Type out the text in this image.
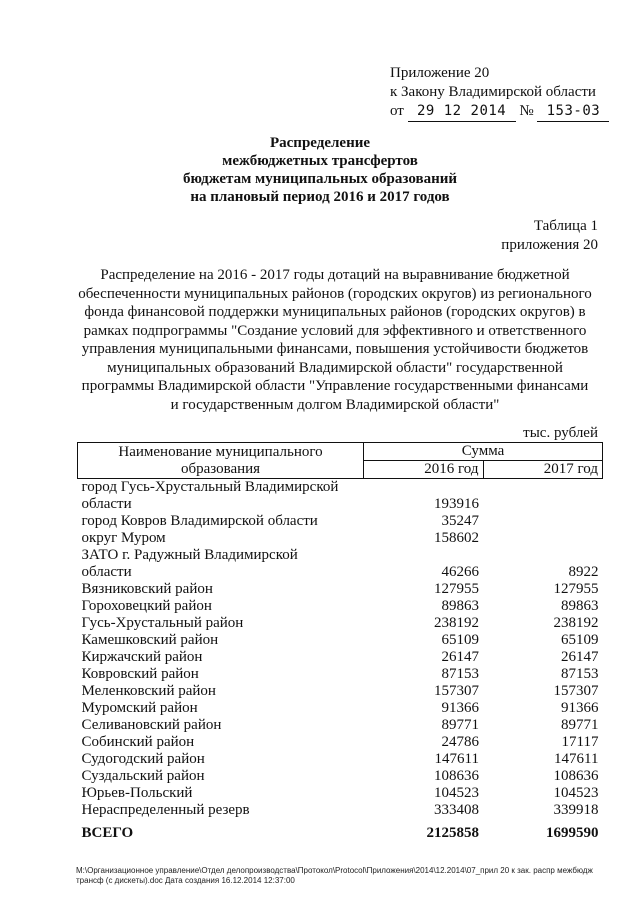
Приложение 20
к Закону Владимирской области
от 29 12 2014 № 153-03
Распределение
межбюджетных трансфертов
бюджетам муниципальных образований
на плановый период 2016 и 2017 годов
Таблица 1
приложения 20
Распределение на 2016 - 2017 годы дотаций на выравнивание бюджетной
обеспеченности муниципальных районов (городских округов) из регионального
фонда финансовой поддержки муниципальных районов (городских округов) в
рамках подпрограммы "Создание условий для эффективного и ответственного
управления муниципальными финансами, повышения устойчивости бюджетов
муниципальных образований Владимирской области" государственной
программы Владимирской области "Управление государственными финансами
и государственным долгом Владимирской области"
тыс. рублей
Наименование муниципального
образования	Сумма	
	2016 год	2017 год
город Гусь-Хрустальный Владимирской		
области	193916	
город Ковров Владимирской области	35247	
округ Муром	158602	
ЗАТО г. Радужный Владимирской		
области	46266	8922
Вязниковский район	127955	127955
Гороховецкий район	89863	89863
Гусь-Хрустальный район	238192	238192
Камешковский район	65109	65109
Киржачский район	26147	26147
Ковровский район	87153	87153
Меленковский район	157307	157307
Муромский район	91366	91366
Селивановский район	89771	89771
Собинский район	24786	17117
Судогодский район	147611	147611
Суздальский район	108636	108636
Юрьев-Польский	104523	104523
Нераспределенный резерв	333408	339918
ВСЕГО	2125858	1699590
М:\Организационное управление\Отдел делопроизводства\Протокол\Protocol\Приложения\2014\12.2014\07_прил 20 к зак. распр межбюдж
трансф (с дискеты).doc Дата создания 16.12.2014 12:37:00
